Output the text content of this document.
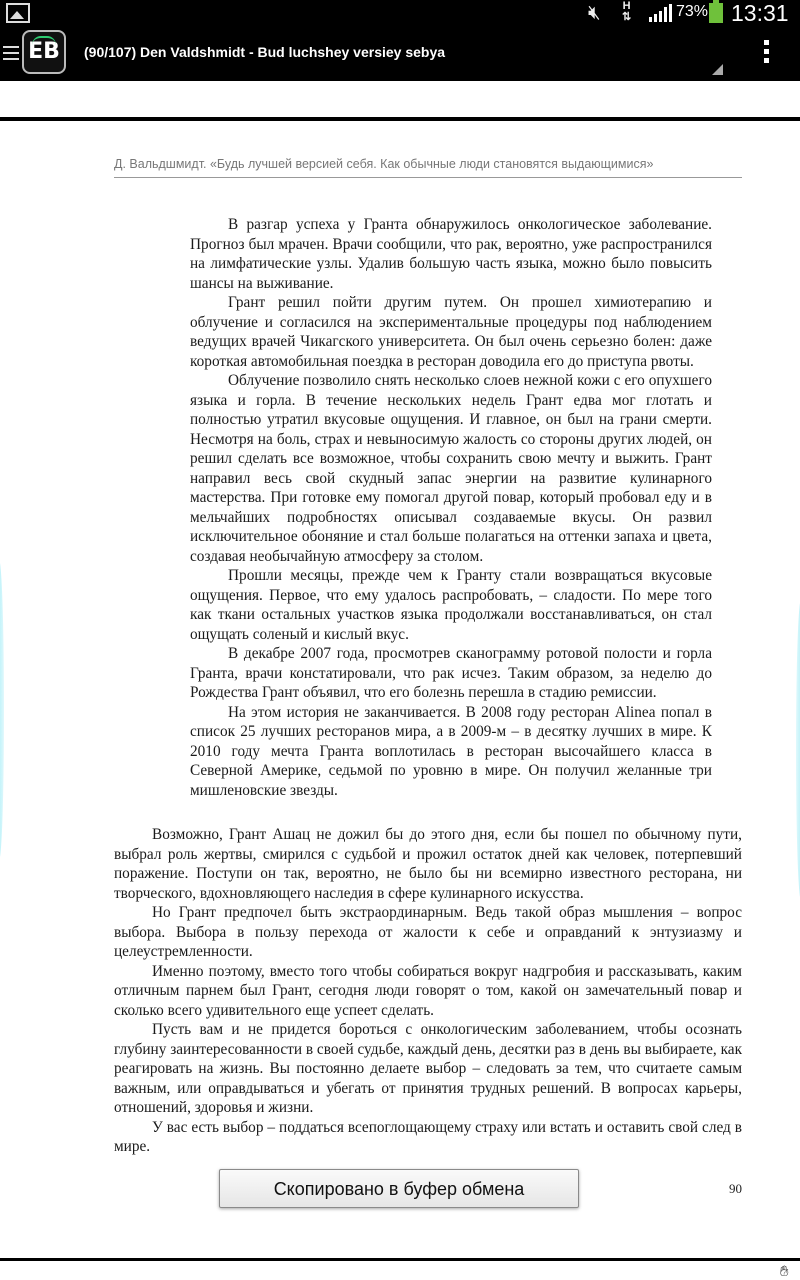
🔇︎ H
⇅	73% 13:31
EB	(90/107) Den Valdshmidt - Bud luchshey versiey sebya
Д. Вальдшмидт. «Будь лучшей версией себя. Как обычные люди становятся выдающимися»

В разгар успеха у Гранта обнаружилось онкологическое заболевание. Прогноз был мрачен. Врачи сообщили, что рак, вероятно, уже распространился на лимфатические узлы. Удалив большую часть языка, можно было повысить шансы на выживание.

Грант решил пойти другим путем. Он прошел химиотерапию и облучение и согласился на экспериментальные процедуры под наблюдением ведущих врачей Чикагского университета. Он был очень серьезно болен: даже короткая автомобильная поездка в ресторан доводила его до приступа рвоты.

Облучение позволило снять несколько слоев нежной кожи с его опухшего языка и горла. В течение нескольких недель Грант едва мог глотать и полностью утратил вкусовые ощущения. И главное, он был на грани смерти. Несмотря на боль, страх и невыносимую жалость со стороны других людей, он решил сделать все возможное, чтобы сохранить свою мечту и выжить. Грант направил весь свой скудный запас энергии на развитие кулинарного мастерства. При готовке ему помогал другой повар, который пробовал еду и в мельчайших подробностях описывал создаваемые вкусы. Он развил исключительное обоняние и стал больше полагаться на оттенки запаха и цвета, создавая необычайную атмосферу за столом.

Прошли месяцы, прежде чем к Гранту стали возвращаться вкусовые ощущения. Первое, что ему удалось распробовать, – сладости. По мере того как ткани остальных участков языка продолжали восстанавливаться, он стал ощущать соленый и кислый вкус.

В декабре 2007 года, просмотрев сканограмму ротовой полости и горла Гранта, врачи констатировали, что рак исчез. Таким образом, за неделю до Рождества Грант объявил, что его болезнь перешла в стадию ремиссии.

На этом история не заканчивается. В 2008 году ресторан Alinea попал в список 25 лучших ресторанов мира, а в 2009-м – в десятку лучших в мире. К 2010 году мечта Гранта воплотилась в ресторан высочайшего класса в Северной Америке, седьмой по уровню в мире. Он получил желанные три мишленовские звезды.

Возможно, Грант Ашац не дожил бы до этого дня, если бы пошел по обычному пути, выбрал роль жертвы, смирился с судьбой и прожил остаток дней как человек, потерпевший поражение. Поступи он так, вероятно, не было бы ни всемирно известного ресторана, ни творческого, вдохновляющего наследия в сфере кулинарного искусства.

Но Грант предпочел быть экстраординарным. Ведь такой образ мышления – вопрос выбора. Выбора в пользу перехода от жалости к себе и оправданий к энтузиазму и целеустремленности.

Именно поэтому, вместо того чтобы собираться вокруг надгробия и рассказывать, каким отличным парнем был Грант, сегодня люди говорят о том, какой он замечательный повар и сколько всего удивительного еще успеет сделать.

Пусть вам и не придется бороться с онкологическим заболеванием, чтобы осознать глубину заинтересованности в своей судьбе, каждый день, десятки раз в день вы выбираете, как реагировать на жизнь. Вы постоянно делаете выбор – следовать за тем, что считаете самым важным, или оправдываться и убегать от принятия трудных решений. В вопросах карьеры, отношений, здоровья и жизни.

У вас есть выбор – поддаться всепоглощающему страху или встать и оставить свой след в мире.

Скопировано в буфер обмена	90
✋︎
